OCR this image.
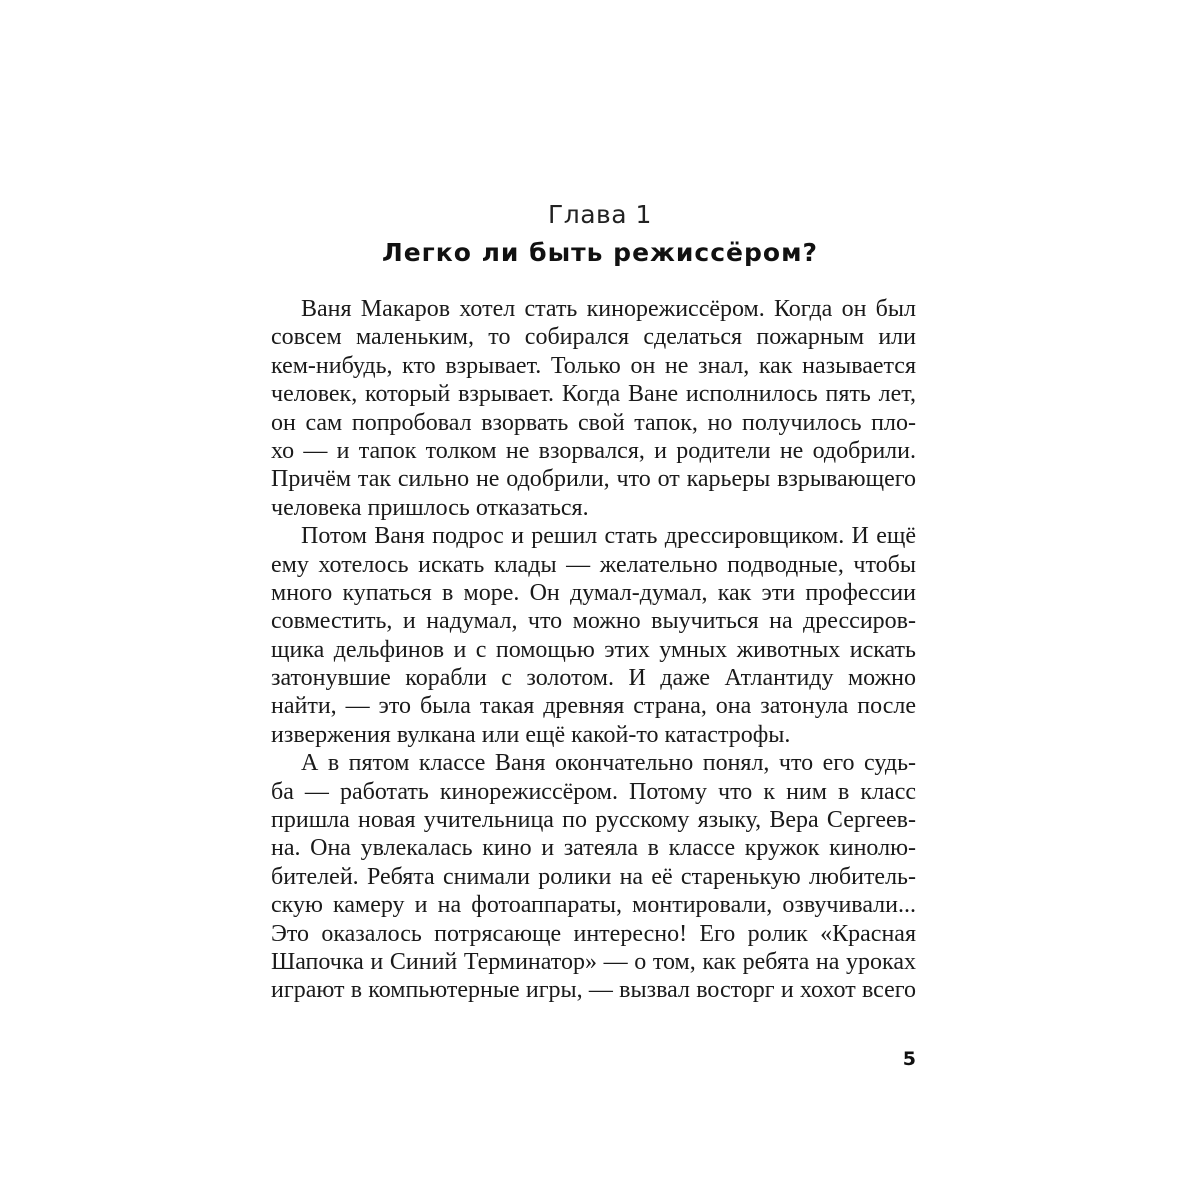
Глава 1
Легко ли быть режиссёром?
Ваня Макаров хотел стать кинорежиссёром. Когда он был
совсем маленьким, то собирался сделаться пожарным или
кем-нибудь, кто взрывает. Только он не знал, как называется
человек, который взрывает. Когда Ване исполнилось пять лет,
он сам попробовал взорвать свой тапок, но получилось пло-
хо — и тапок толком не взорвался, и родители не одобрили.
Причём так сильно не одобрили, что от карьеры взрывающего
человека пришлось отказаться.
Потом Ваня подрос и решил стать дрессировщиком. И ещё
ему хотелось искать клады — желательно подводные, чтобы
много купаться в море. Он думал-думал, как эти профессии
совместить, и надумал, что можно выучиться на дрессиров-
щика дельфинов и с помощью этих умных животных искать
затонувшие корабли с золотом. И даже Атлантиду можно
найти, — это была такая древняя страна, она затонула после
извержения вулкана или ещё какой-то катастрофы.
А в пятом классе Ваня окончательно понял, что его судь-
ба — работать кинорежиссёром. Потому что к ним в класс
пришла новая учительница по русскому языку, Вера Сергеев-
на. Она увлекалась кино и затеяла в классе кружок кинолю-
бителей. Ребята снимали ролики на её старенькую любитель-
скую камеру и на фотоаппараты, монтировали, озвучивали...
Это оказалось потрясающе интересно! Его ролик «Красная
Шапочка и Синий Терминатор» — о том, как ребята на уроках
играют в компьютерные игры, — вызвал восторг и хохот всего
5
